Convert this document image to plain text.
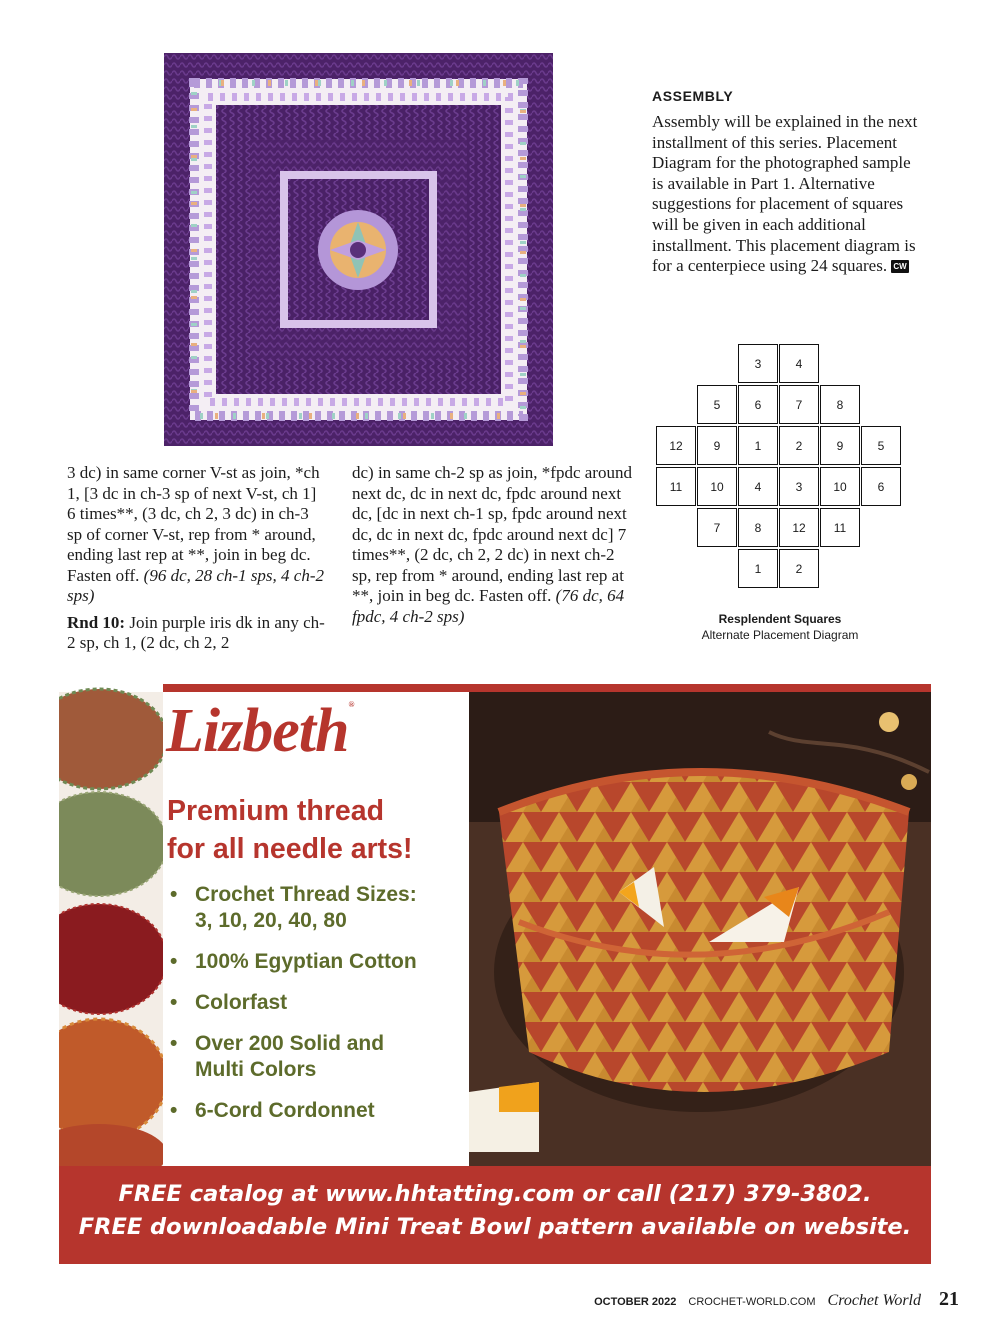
ASSEMBLY

Assembly will be explained in the next installment of this series. Placement Diagram for the photographed sample is available in Part 1. Alternative suggestions for placement of squares will be given in each additional installment. This placement diagram is for a centerpiece using 24 squares. CW

3	4
5	6	7	8
12	9	1	2	9	5
11	10	4	3	10	6
7	8	12	11
1	2
Resplendent Squares
Alternate Placement Diagram

3 dc) in same corner V-st as join, *ch 1, [3 dc in ch-3 sp of next V-st, ch 1] 6 times**, (3 dc, ch 2, 3 dc) in ch-3 sp of corner V-st, rep from * around, ending last rep at **, join in beg dc. Fasten off. (96 dc, 28 ch-1 sps, 4 ch-2 sps)

Rnd 10: Join purple iris dk in any ch-2 sp, ch 1, (2 dc, ch 2, 2

dc) in same ch-2 sp as join, *fpdc around next dc, dc in next dc, fpdc around next dc, [dc in next ch-1 sp, fpdc around next dc, dc in next dc, fpdc around next dc] 7 times**, (2 dc, ch 2, 2 dc) in next ch-2 sp, rep from * around, ending last rep at **, join in beg dc. Fasten off. (76 dc, 64 fpdc, 4 ch-2 sps)

Lizbeth®
Premium thread
for all needle arts!
• Crochet Thread Sizes:
3, 10, 20, 40, 80
• 100% Egyptian Cotton
• Colorfast
• Over 200 Solid and
Multi Colors
• 6-Cord Cordonnet
FREE catalog at www.hhtatting.com or call (217) 379-3802.
FREE downloadable Mini Treat Bowl pattern available on website.
OCTOBER 2022 CROCHET-WORLD.COM Crochet World 21
